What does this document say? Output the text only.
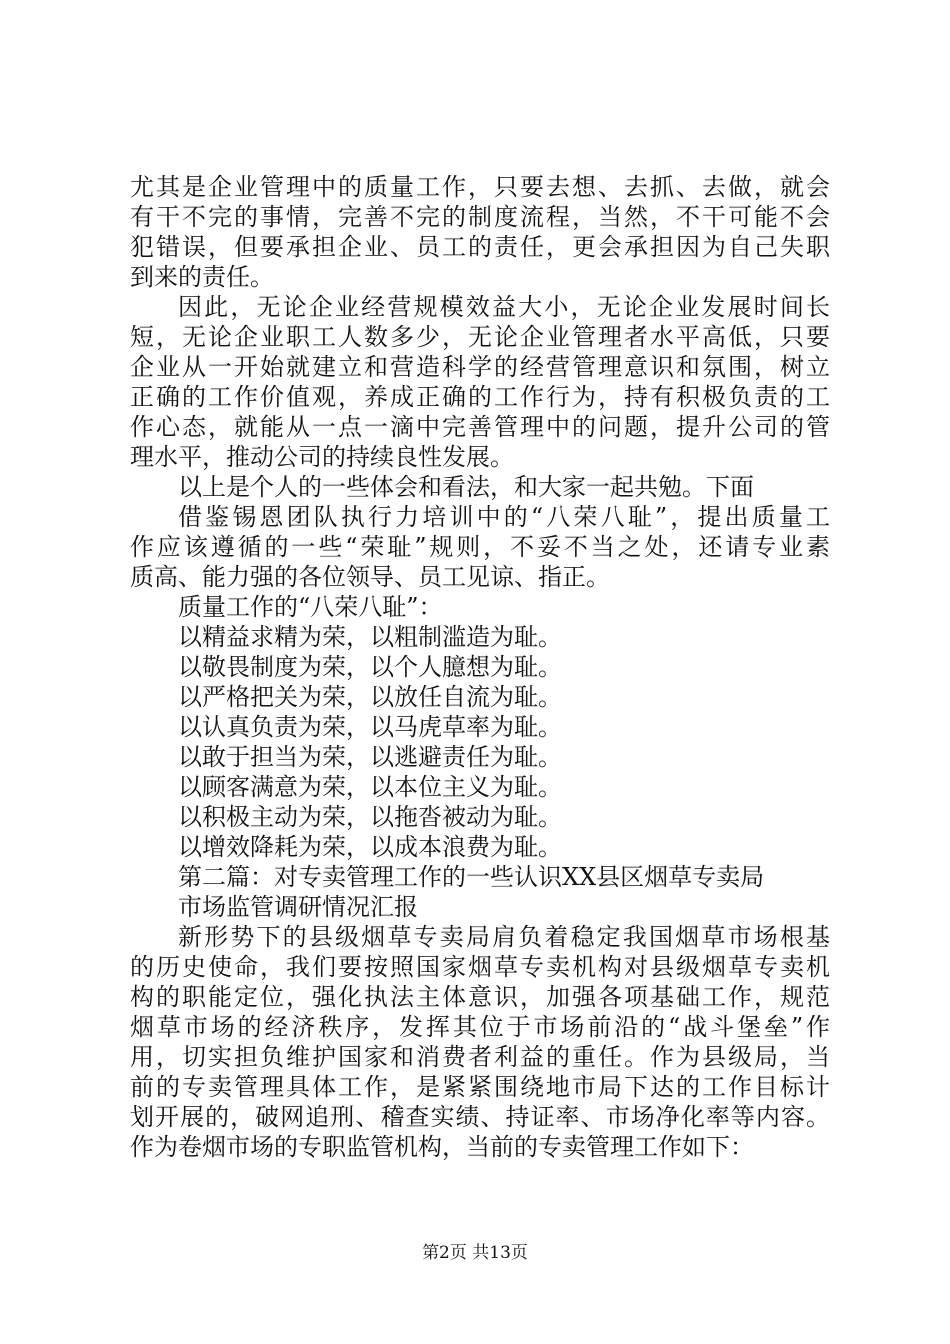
尤其是企业管理中的质量工作，只要去想、去抓、去做，就会
有干不完的事情，完善不完的制度流程，当然，不干可能不会
犯错误，但要承担企业、员工的责任，更会承担因为自己失职
到来的责任。
因此，无论企业经营规模效益大小，无论企业发展时间长
短，无论企业职工人数多少，无论企业管理者水平高低，只要
企业从一开始就建立和营造科学的经营管理意识和氛围，树立
正确的工作价值观，养成正确的工作行为，持有积极负责的工
作心态，就能从一点一滴中完善管理中的问题，提升公司的管
理水平，推动公司的持续良性发展。
以上是个人的一些体会和看法，和大家一起共勉。下面
借鉴锡恩团队执行力培训中的“八荣八耻”，提出质量工
作应该遵循的一些“荣耻”规则，不妥不当之处，还请专业素
质高、能力强的各位领导、员工见谅、指正。
质量工作的“八荣八耻”：
以精益求精为荣，以粗制滥造为耻。
以敬畏制度为荣，以个人臆想为耻。
以严格把关为荣，以放任自流为耻。
以认真负责为荣，以马虎草率为耻。
以敢于担当为荣，以逃避责任为耻。
以顾客满意为荣，以本位主义为耻。
以积极主动为荣，以拖沓被动为耻。
以增效降耗为荣，以成本浪费为耻。
第二篇：对专卖管理工作的一些认识XX县区烟草专卖局
市场监管调研情况汇报
新形势下的县级烟草专卖局肩负着稳定我国烟草市场根基
的历史使命，我们要按照国家烟草专卖机构对县级烟草专卖机
构的职能定位，强化执法主体意识，加强各项基础工作，规范
烟草市场的经济秩序，发挥其位于市场前沿的“战斗堡垒”作
用，切实担负维护国家和消费者利益的重任。作为县级局，当
前的专卖管理具体工作，是紧紧围绕地市局下达的工作目标计
划开展的，破网追刑、稽查实绩、持证率、市场净化率等内容。
作为卷烟市场的专职监管机构，当前的专卖管理工作如下：
第2页 共13页
